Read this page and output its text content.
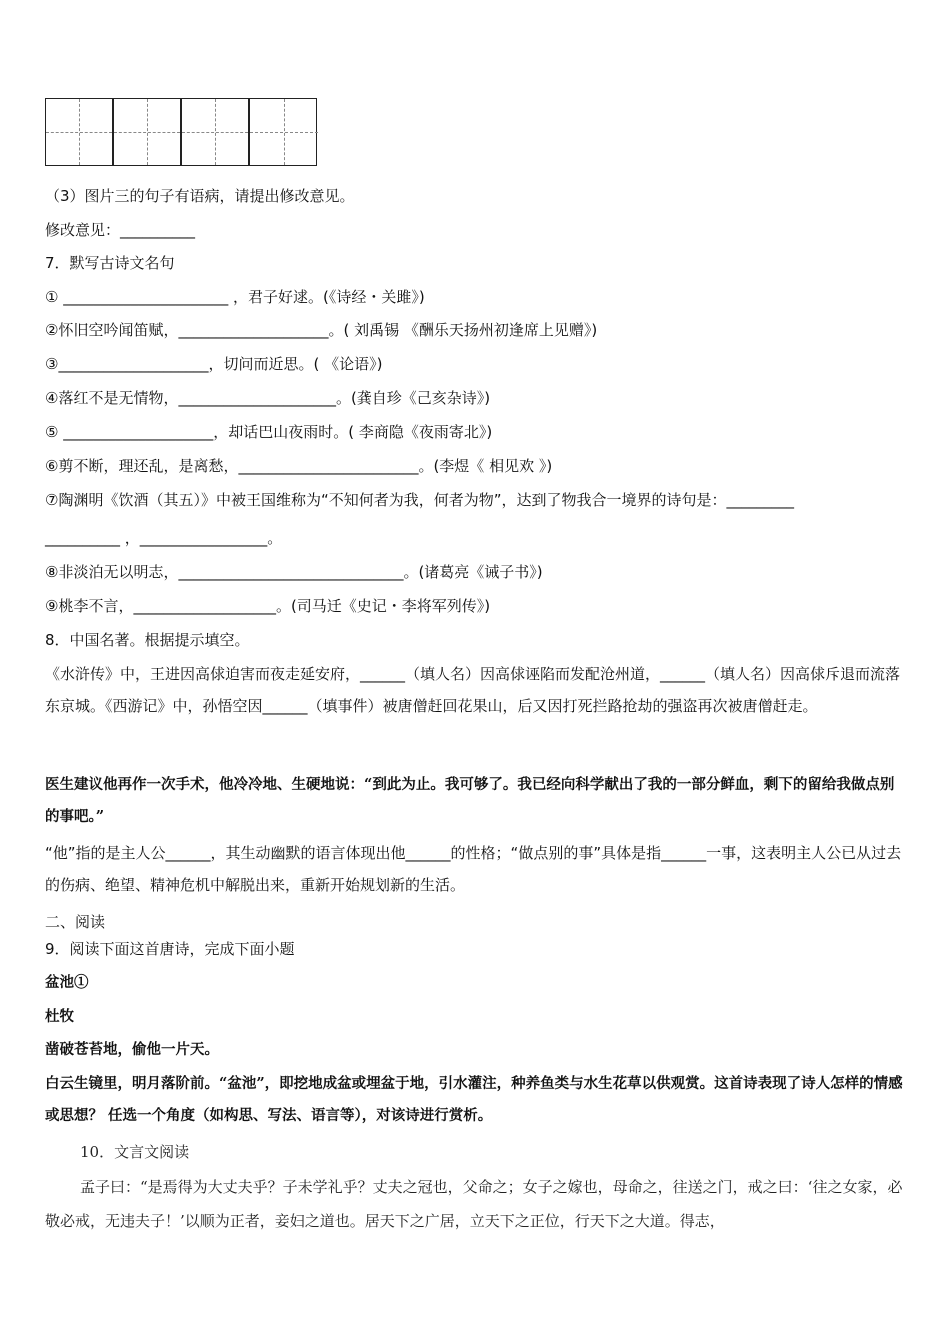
（3）图片三的句子有语病，请提出修改意见。
修改意见：__________
7．默写古诗文名句
① ______________________ ，君子好逑。(《诗经・关雎》)
②怀旧空吟闻笛赋，____________________。( 刘禹锡 《酬乐天扬州初逢席上见赠》)
③____________________，切问而近思。( 《论语》)
④落红不是无情物，_____________________。(龚自珍《己亥杂诗》)
⑤ ____________________，却话巴山夜雨时。( 李商隐《夜雨寄北》)
⑥剪不断，理还乱，是离愁，________________________。(李煜《 相见欢 》)
⑦陶渊明《饮酒（其五）》中被王国维称为“不知何者为我，何者为物”，达到了物我合一境界的诗句是：_________
__________ ，_________________。
⑧非淡泊无以明志，______________________________。(诸葛亮《诫子书》)
⑨桃李不言，___________________。(司马迁《史记・李将军列传》)
8．中国名著。根据提示填空。
《水浒传》中，王进因高俅迫害而夜走延安府，______（填人名）因高俅诬陷而发配沧州道，______（填人名）因高俅斥退而流落东京城。《西游记》中，孙悟空因______（填事件）被唐僧赶回花果山，后又因打死拦路抢劫的强盗再次被唐僧赶走。
医生建议他再作一次手术，他冷冷地、生硬地说：“到此为止。我可够了。我已经向科学献出了我的一部分鲜血，剩下的留给我做点别的事吧。”
“他”指的是主人公______，其生动幽默的语言体现出他______的性格；“做点别的事”具体是指______一事，这表明主人公已从过去的伤病、绝望、精神危机中解脱出来，重新开始规划新的生活。
二、阅读
9．阅读下面这首唐诗，完成下面小题
盆池①
杜牧
凿破苍苔地，偷他一片天。
白云生镜里，明月落阶前。“盆池”，即挖地成盆或埋盆于地，引水灌注，种养鱼类与水生花草以供观赏。这首诗表现了诗人怎样的情感或思想？ 任选一个角度（如构思、写法、语言等），对该诗进行赏析。
10．文言文阅读
孟子曰：“是焉得为大丈夫乎？子未学礼乎？丈夫之冠也，父命之；女子之嫁也，母命之，往送之门，戒之曰：‘往之女家，必敬必戒，无违夫子！’以顺为正者，妾妇之道也。居天下之广居，立天下之正位，行天下之大道。得志，
